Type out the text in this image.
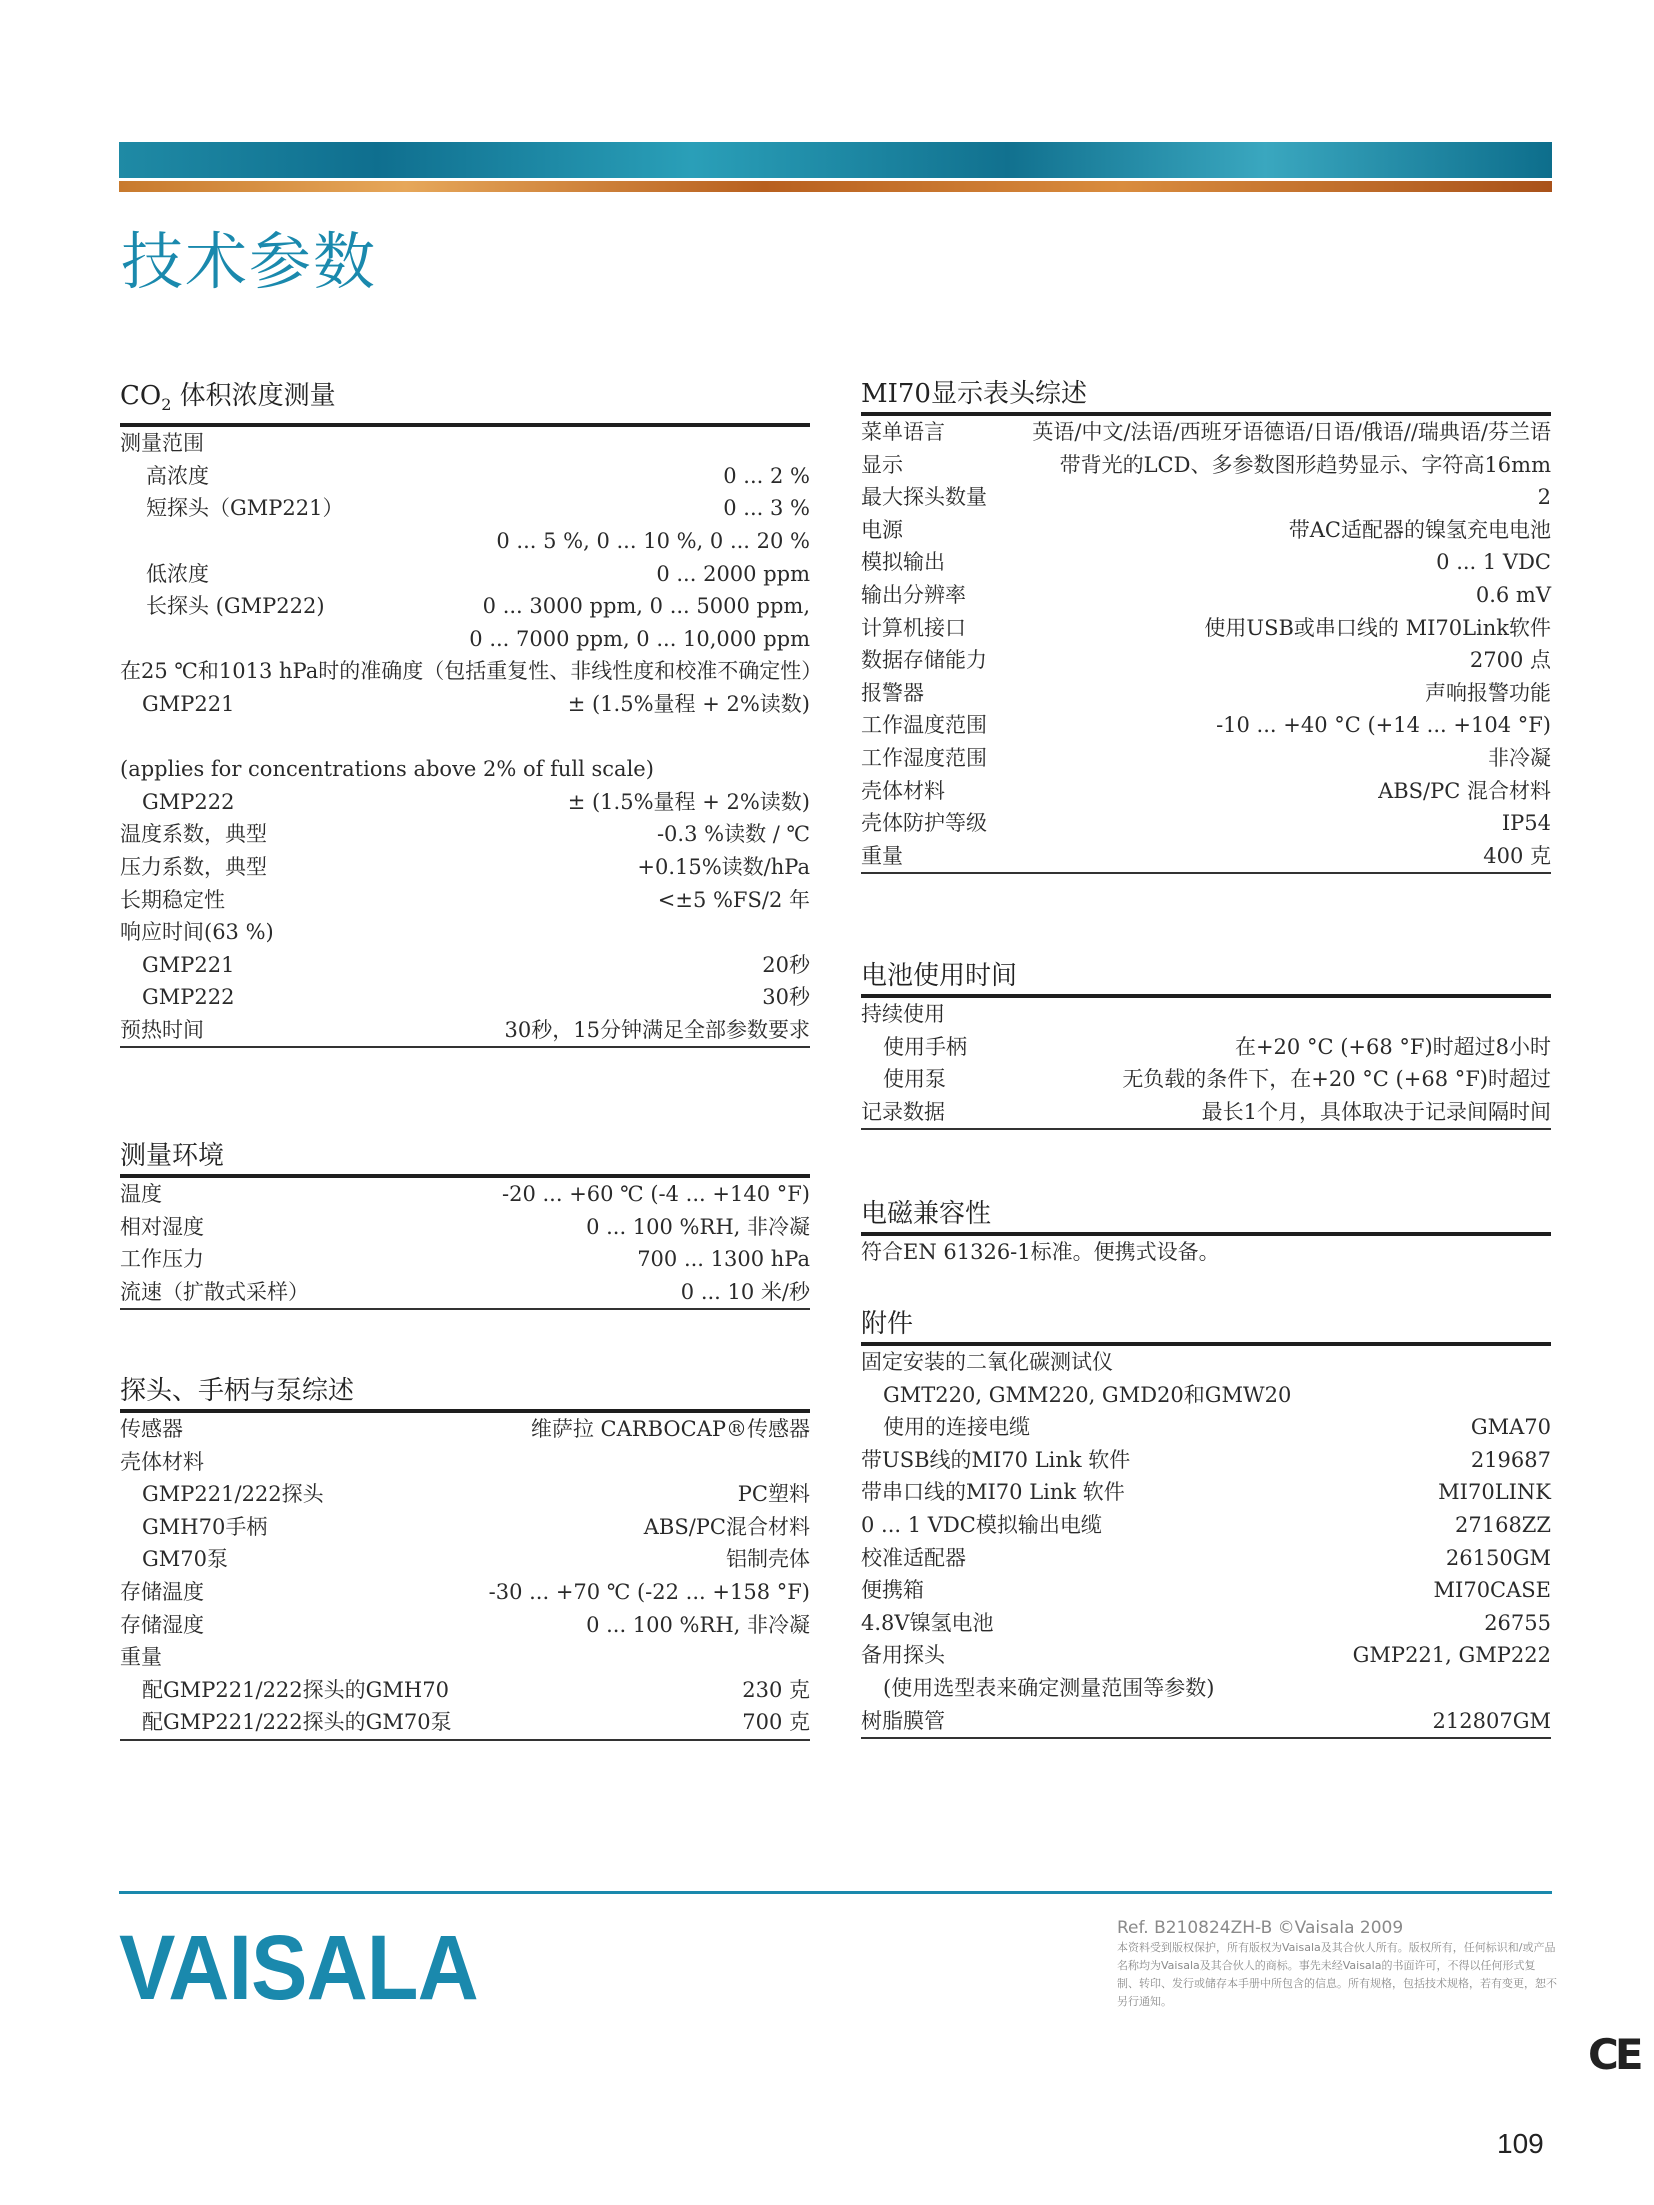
技术参数
$CO_2$ 体积浓度测量
测量范围
高浓度	0 ... 2 %
短探头（GMP221）	0 ... 3 %
0 ... 5 %, 0 ... 10 %, 0 ... 20 %
低浓度	0 ... 2000 ppm
长探头 (GMP222)	0 ... 3000 ppm, 0 ... 5000 ppm,
0 ... 7000 ppm, 0 ... 10,000 ppm
在25 ℃和1013 hPa时的准确度（包括重复性、非线性度和校准不确定性）
GMP221	± (1.5%量程 + 2%读数)
(applies for concentrations above 2% of full scale)
GMP222	± (1.5%量程 + 2%读数)
温度系数，典型	-0.3 %读数 / ℃
压力系数，典型	+0.15%读数/hPa
长期稳定性	<±5 %FS/2 年
响应时间(63 %)
GMP221	20秒
GMP222	30秒
预热时间	30秒，15分钟满足全部参数要求
测量环境
温度	-20 ... +60 ℃ (-4 ... +140 °F)
相对湿度	0 ... 100 %RH, 非冷凝
工作压力	700 ... 1300 hPa
流速（扩散式采样）	0 ... 10 米/秒
探头、手柄与泵综述
传感器	维萨拉 CARBOCAP®传感器
壳体材料
GMP221/222探头	PC塑料
GMH70手柄	ABS/PC混合材料
GM70泵	铝制壳体
存储温度	-30 ... +70 ℃ (-22 ... +158 °F)
存储湿度	0 ... 100 %RH, 非冷凝
重量
配GMP221/222探头的GMH70	230 克
配GMP221/222探头的GM70泵	700 克
MI70显示表头综述
菜单语言	英语/中文/法语/西班牙语德语/日语/俄语//瑞典语/芬兰语
显示	带背光的LCD、多参数图形趋势显示、字符高16mm
最大探头数量	2
电源	带AC适配器的镍氢充电电池
模拟输出	0 ... 1 VDC
输出分辨率	0.6 mV
计算机接口	使用USB或串口线的 MI70Link软件
数据存储能力	2700 点
报警器	声响报警功能
工作温度范围	-10 ... +40 °C (+14 ... +104 °F)
工作湿度范围	非冷凝
壳体材料	ABS/PC 混合材料
壳体防护等级	IP54
重量	400 克
电池使用时间
持续使用
使用手柄	在+20 °C (+68 °F)时超过8小时
使用泵	无负载的条件下，在+20 °C (+68 °F)时超过
记录数据	最长1个月，具体取决于记录间隔时间
电磁兼容性
符合EN 61326-1标准。便携式设备。
附件
固定安装的二氧化碳测试仪
GMT220, GMM220, GMD20和GMW20
使用的连接电缆	GMA70
带USB线的MI70 Link 软件	219687
带串口线的MI70 Link 软件	MI70LINK
0 ... 1 VDC模拟输出电缆	27168ZZ
校准适配器	26150GM
便携箱	MI70CASE
4.8V镍氢电池	26755
备用探头	GMP221, GMP222
(使用选型表来确定测量范围等参数)
树脂膜管	212807GM
VAISALA	Ref. B210824ZH-B ©Vaisala 2009
本资料受到版权保护，所有版权为Vaisala及其合伙人所有。版权所有，任何标识和/或产品名称均为Vaisala及其合伙人的商标。事先未经Vaisala的书面许可，不得以任何形式复制、转印、发行或储存本手册中所包含的信息。所有规格，包括技术规格，若有变更，恕不另行通知。
CE
109
